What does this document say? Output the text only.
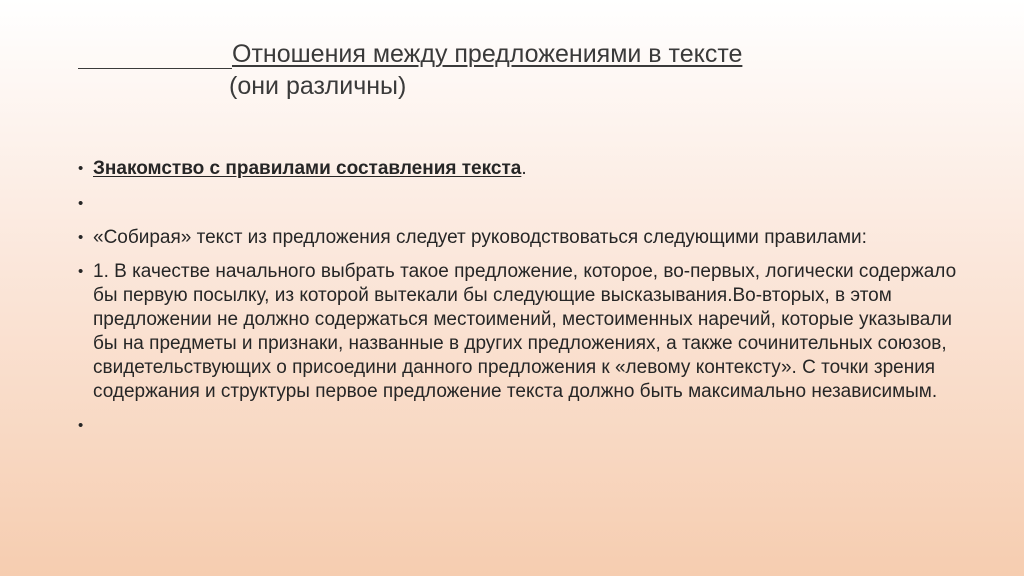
Отношения между предложениями в тексте
(они различны)

• Знакомство с правилами составления текста.

•

• «Собирая» текст из предложения следует руководствоваться следующими правилами:

• 1. В качестве начального выбрать такое предложение, которое, во-первых, логически содержало бы первую посылку, из которой вытекали бы следующие высказывания.Во-вторых, в этом предложении не должно содержаться местоимений, местоименных наречий, которые указывали бы на предметы и признаки, названные в других предложениях, а также сочинительных союзов, свидетельствующих о присоедини данного предложения к «левому контексту». С точки зрения содержания и структуры первое предложение текста должно быть максимально независимым.

•
